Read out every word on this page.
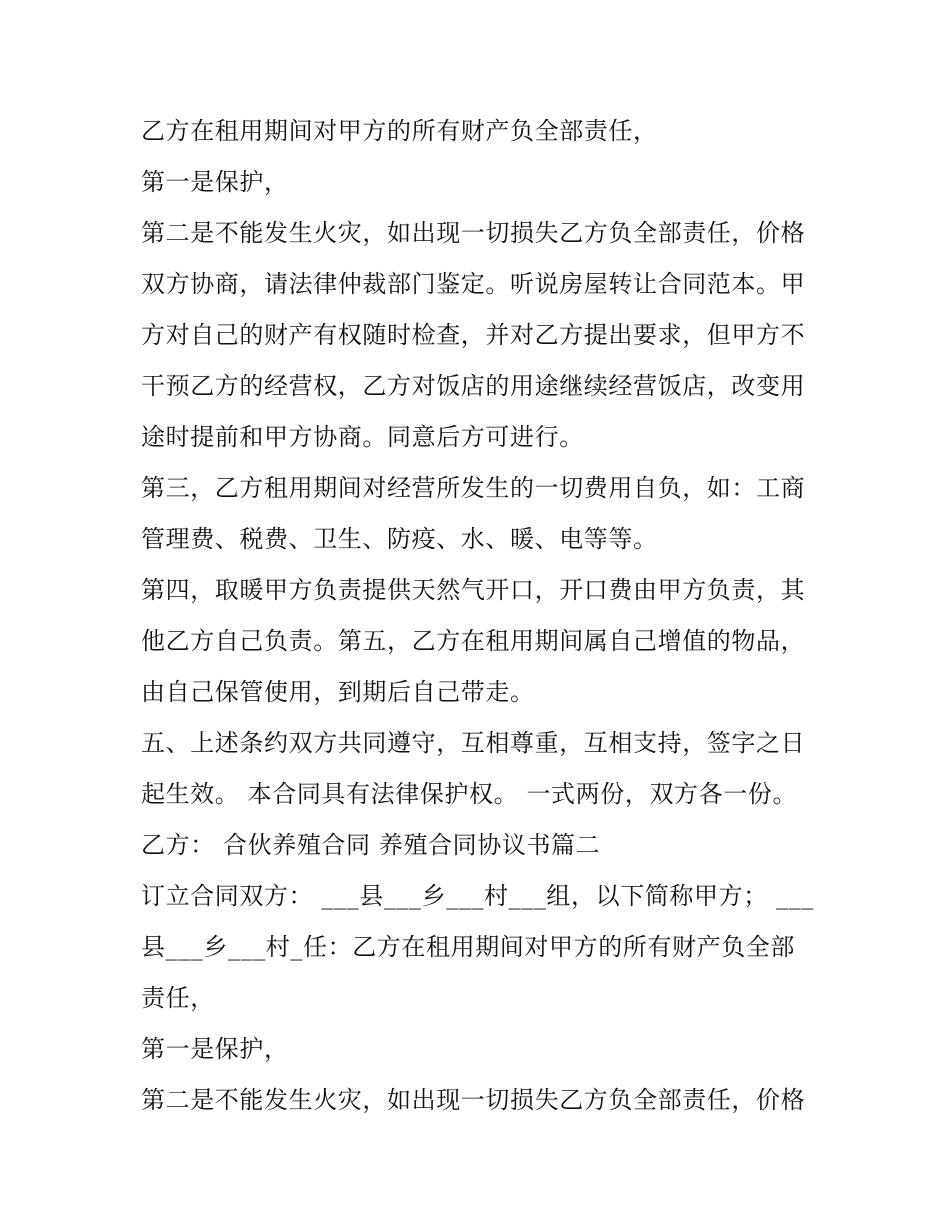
乙方在租用期间对甲方的所有财产负全部责任，
第一是保护，
第二是不能发生火灾，如出现一切损失乙方负全部责任，价格
双方协商，请法律仲裁部门鉴定。听说房屋转让合同范本。甲
方对自己的财产有权随时检查，并对乙方提出要求，但甲方不
干预乙方的经营权，乙方对饭店的用途继续经营饭店，改变用
途时提前和甲方协商。同意后方可进行。
第三，乙方租用期间对经营所发生的一切费用自负，如：工商
管理费、税费、卫生、防疫、水、暖、电等等。
第四，取暖甲方负责提供天然气开口，开口费由甲方负责，其
他乙方自己负责。第五，乙方在租用期间属自己增值的物品，
由自己保管使用，到期后自己带走。
五、上述条约双方共同遵守，互相尊重，互相支持，签字之日
起生效。 本合同具有法律保护权。 一式两份，双方各一份。
乙方： 合伙养殖合同 养殖合同协议书篇二
订立合同双方： ___县___乡___村___组，以下简称甲方； ___
县___乡___村_任：乙方在租用期间对甲方的所有财产负全部
责任，
第一是保护，
第二是不能发生火灾，如出现一切损失乙方负全部责任，价格
